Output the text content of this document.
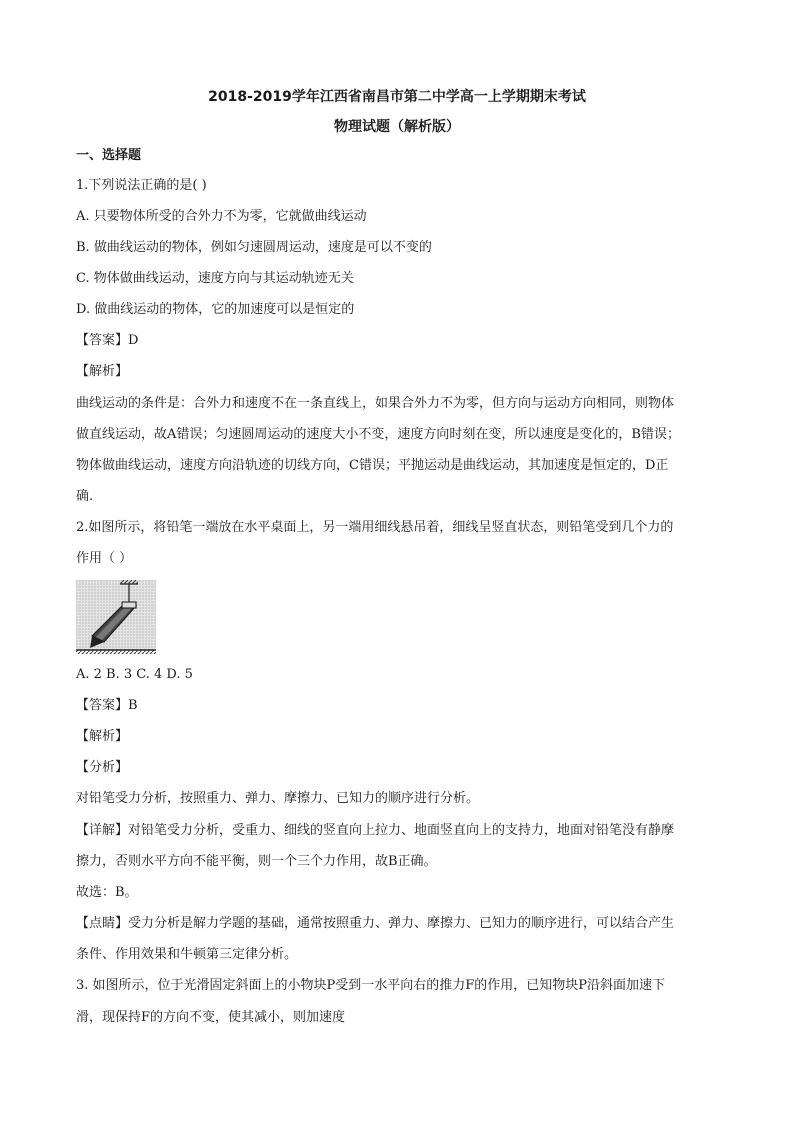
2018-2019学年江西省南昌市第二中学高一上学期期末考试
物理试题（解析版）
一、选择题
1.下列说法正确的是( )
A. 只要物体所受的合外力不为零，它就做曲线运动
B. 做曲线运动的物体，例如匀速圆周运动，速度是可以不变的
C. 物体做曲线运动，速度方向与其运动轨迹无关
D. 做曲线运动的物体，它的加速度可以是恒定的
【答案】D
【解析】
曲线运动的条件是：合外力和速度不在一条直线上，如果合外力不为零，但方向与运动方向相同，则物体
做直线运动，故A错误；匀速圆周运动的速度大小不变，速度方向时刻在变，所以速度是变化的，B错误；
物体做曲线运动，速度方向沿轨迹的切线方向，C错误；平抛运动是曲线运动，其加速度是恒定的，D正
确.
2.如图所示，将铅笔一端放在水平桌面上，另一端用细线悬吊着，细线呈竖直状态，则铅笔受到几个力的
作用（ ）
A. 2 B. 3 C. 4 D. 5
【答案】B
【解析】
【分析】
对铅笔受力分析，按照重力、弹力、摩擦力、已知力的顺序进行分析。
【详解】对铅笔受力分析，受重力、细线的竖直向上拉力、地面竖直向上的支持力，地面对铅笔没有静摩
擦力，否则水平方向不能平衡，则一个三个力作用，故B正确。
故选：B。
【点睛】受力分析是解力学题的基础，通常按照重力、弹力、摩擦力、已知力的顺序进行，可以结合产生
条件、作用效果和牛顿第三定律分析。
3. 如图所示，位于光滑固定斜面上的小物块P受到一水平向右的推力F的作用，已知物块P沿斜面加速下
滑，现保持F的方向不变，使其减小，则加速度
